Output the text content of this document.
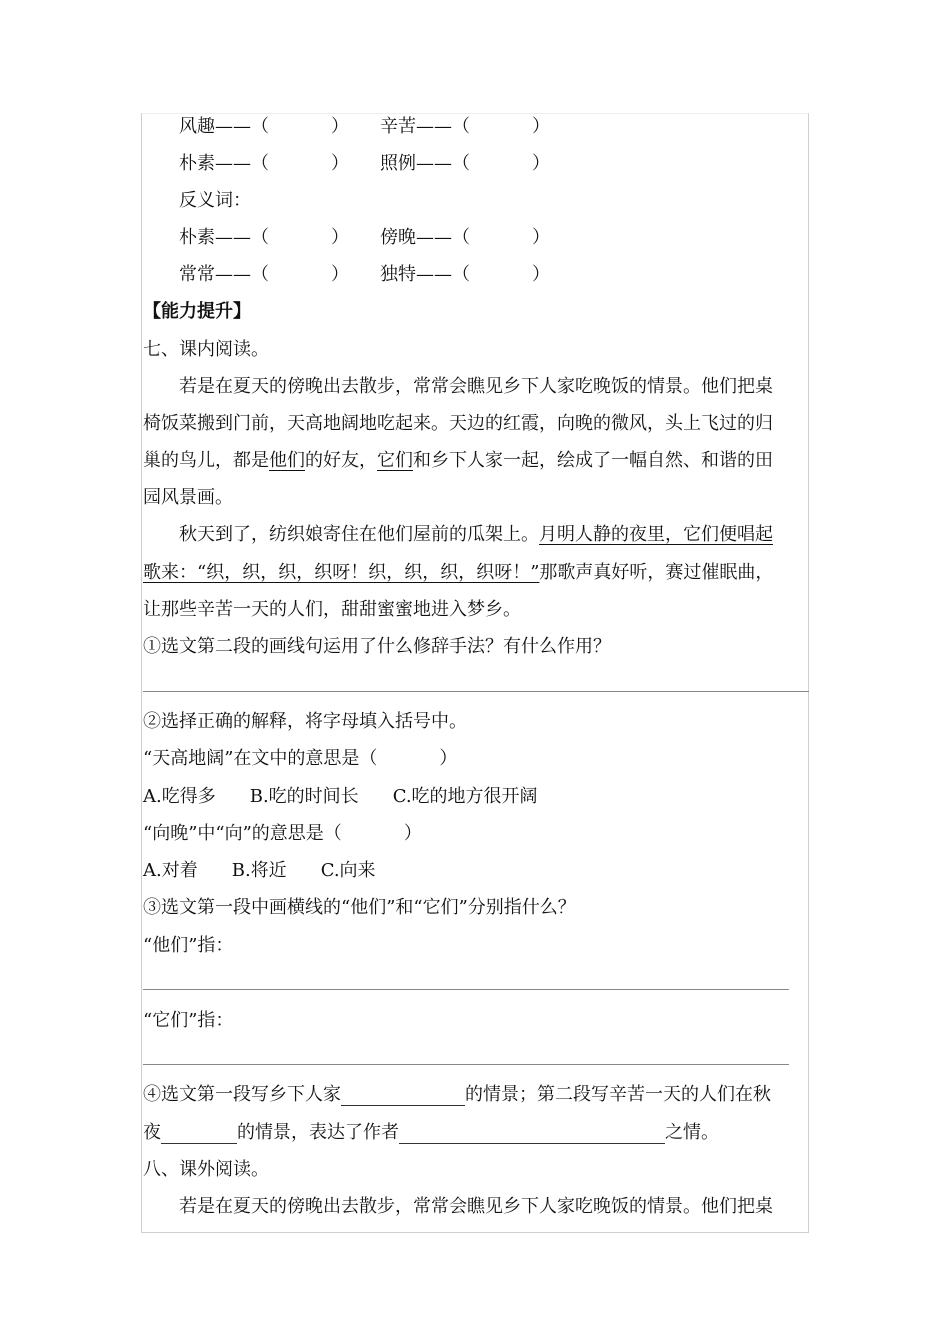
风趣——（	） 辛苦——（	）
朴素——（	） 照例——（	）
反义词：
朴素——（	） 傍晚——（	）
常常——（	） 独特——（	）
【能力提升】
七、课内阅读。
若是在夏天的傍晚出去散步，常常会瞧见乡下人家吃晚饭的情景。他们把桌
椅饭菜搬到门前，天高地阔地吃起来。天边的红霞，向晚的微风，头上飞过的归
巢的鸟儿，都是他们的好友，它们和乡下人家一起，绘成了一幅自然、和谐的田
园风景画。
秋天到了，纺织娘寄住在他们屋前的瓜架上。月明人静的夜里，它们便唱起
歌来：“织，织，织，织呀！织，织，织，织呀！”那歌声真好听，赛过催眠曲，
让那些辛苦一天的人们，甜甜蜜蜜地进入梦乡。
①选文第二段的画线句运用了什么修辞手法？有什么作用？
②选择正确的解释，将字母填入括号中。
“天高地阔”在文中的意思是（	）
A.吃得多 B.吃的时间长 C.吃的地方很开阔
“向晚”中“向”的意思是（	）
A.对着 B.将近 C.向来
③选文第一段中画横线的“他们”和“它们”分别指什么？
“他们”指：
“它们”指：
④选文第一段写乡下人家	的情景；第二段写辛苦一天的人们在秋
夜	的情景，表达了作者	之情。
八、课外阅读。
若是在夏天的傍晚出去散步，常常会瞧见乡下人家吃晚饭的情景。他们把桌
